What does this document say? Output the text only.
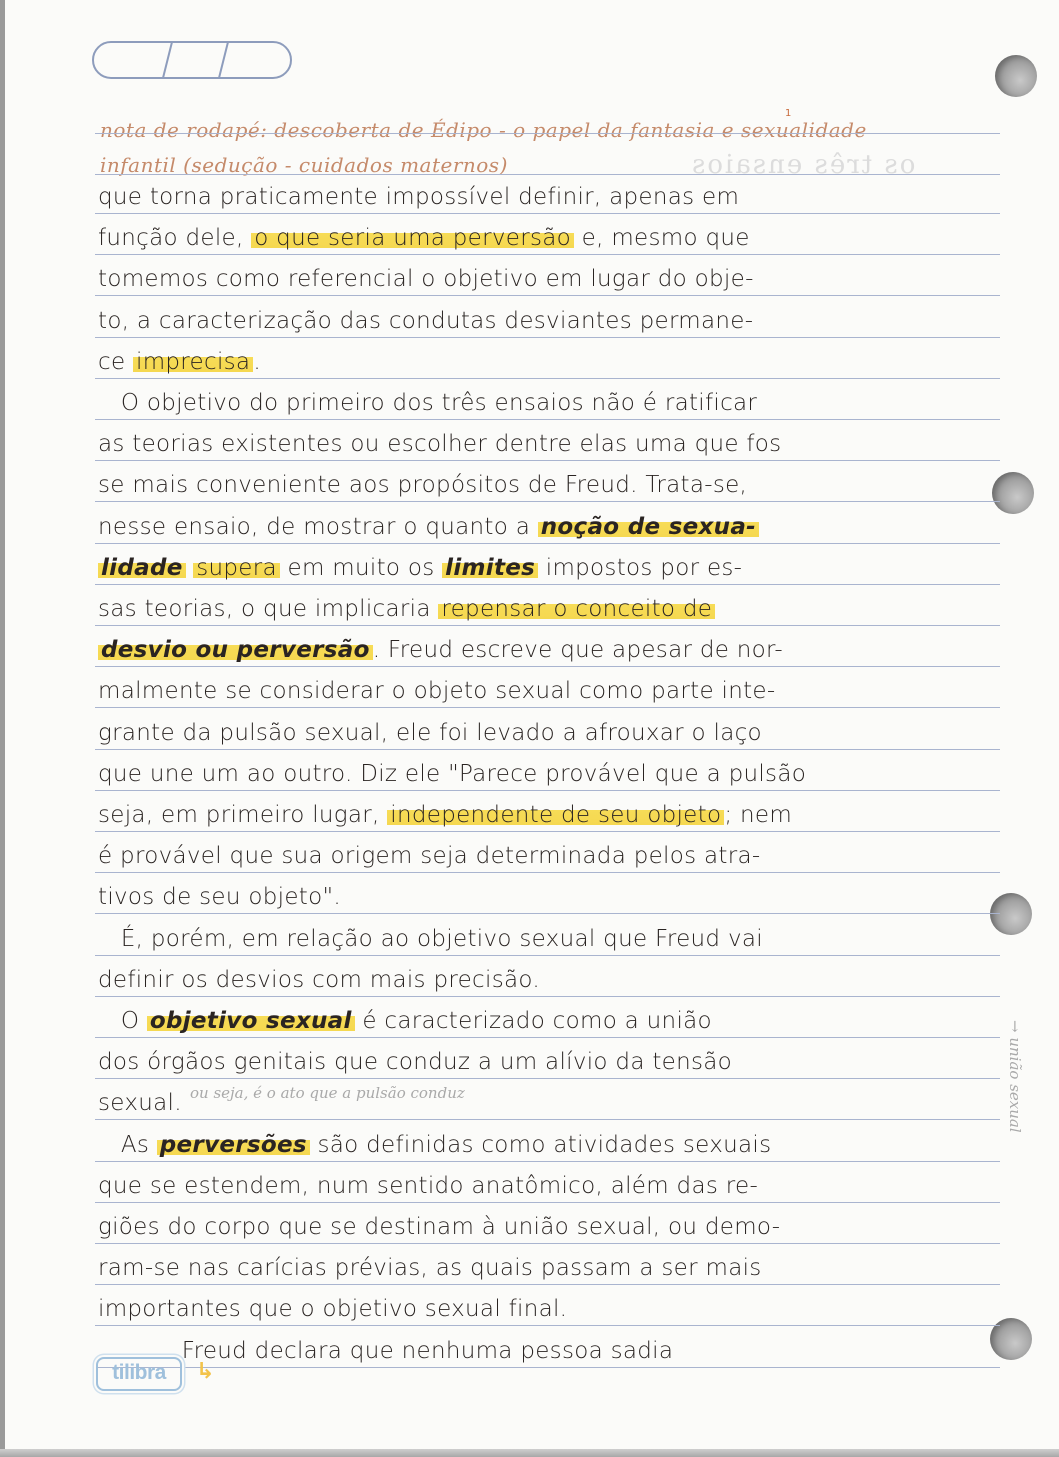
os três ensaios
1
nota de rodapé: descoberta de Édipo - o papel da fantasia e sexualidade
infantil (sedução - cuidados maternos)
que torna praticamente impossível definir, apenas em
função dele, o que seria uma perversão e, mesmo que
tomemos como referencial o objetivo em lugar do obje-
to, a caracterização das condutas desviantes permane-
ce imprecisa .
O objetivo do primeiro dos três ensaios não é ratificar
as teorias existentes ou escolher dentre elas uma que fos
se mais conveniente aos propósitos de Freud. Trata-se,
nesse ensaio, de mostrar o quanto a noção de sexua-
lidade supera em muito os limites impostos por es-
sas teorias, o que implicaria repensar o conceito de
desvio ou perversão . Freud escreve que apesar de nor-
malmente se considerar o objeto sexual como parte inte-
grante da pulsão sexual, ele foi levado a afrouxar o laço
que une um ao outro. Diz ele "Parece provável que a pulsão
seja, em primeiro lugar, independente de seu objeto ; nem
é provável que sua origem seja determinada pelos atra-
tivos de seu objeto".
É, porém, em relação ao objetivo sexual que Freud vai
definir os desvios com mais precisão.
O objetivo sexual é caracterizado como a união
dos órgãos genitais que conduz a um alívio da tensão
sexual.
As perversões são definidas como atividades sexuais
que se estendem, num sentido anatômico, além das re-
giões do corpo que se destinam à união sexual, ou demo-
ram-se nas carícias prévias, as quais passam a ser mais
importantes que o objetivo sexual final.
Freud declara que nenhuma pessoa sadia
ou seja, é o ato que a pulsão conduz	→ união sexual
tilibra	↳
